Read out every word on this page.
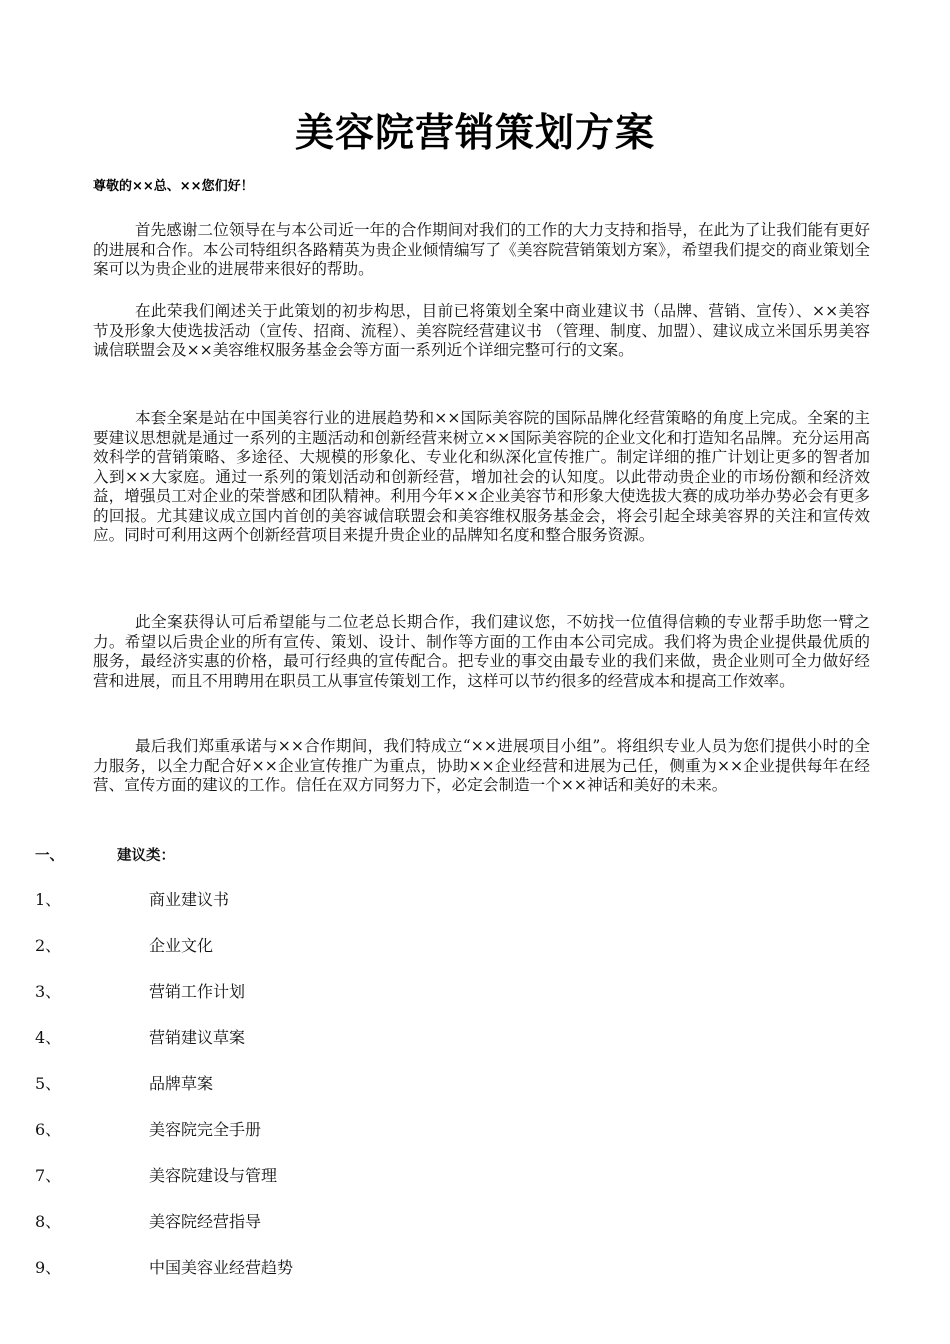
美容院营销策划方案
尊敬的××总、××您们好！

首先感谢二位领导在与本公司近一年的合作期间对我们的工作的大力支持和指导，在此为了让我们能有更好的进展和合作。本公司特组织各路精英为贵企业倾情编写了《美容院营销策划方案》，希望我们提交的商业策划全案可以为贵企业的进展带来很好的帮助。

在此荣我们阐述关于此策划的初步构思，目前已将策划全案中商业建议书（品牌、营销、宣传）、××美容节及形象大使选拔活动（宣传、招商、流程）、美容院经营建议书 （管理、制度、加盟）、建议成立米国乐男美容诚信联盟会及××美容维权服务基金会等方面一系列近个详细完整可行的文案。

本套全案是站在中国美容行业的进展趋势和××国际美容院的国际品牌化经营策略的角度上完成。全案的主要建议思想就是通过一系列的主题活动和创新经营来树立××国际美容院的企业文化和打造知名品牌。充分运用高效科学的营销策略、多途径、大规模的形象化、专业化和纵深化宣传推广。制定详细的推广计划让更多的智者加入到××大家庭。通过一系列的策划活动和创新经营，增加社会的认知度。以此带动贵企业的市场份额和经济效益，增强员工对企业的荣誉感和团队精神。利用今年××企业美容节和形象大使选拔大赛的成功举办势必会有更多的回报。尤其建议成立国内首创的美容诚信联盟会和美容维权服务基金会，将会引起全球美容界的关注和宣传效应。同时可利用这两个创新经营项目来提升贵企业的品牌知名度和整合服务资源。

此全案获得认可后希望能与二位老总长期合作，我们建议您，不妨找一位值得信赖的专业帮手助您一臂之力。希望以后贵企业的所有宣传、策划、设计、制作等方面的工作由本公司完成。我们将为贵企业提供最优质的服务，最经济实惠的价格，最可行经典的宣传配合。把专业的事交由最专业的我们来做，贵企业则可全力做好经营和进展，而且不用聘用在职员工从事宣传策划工作，这样可以节约很多的经营成本和提高工作效率。

最后我们郑重承诺与××合作期间，我们特成立“××进展项目小组”。将组织专业人员为您们提供小时的全力服务，以全力配合好××企业宣传推广为重点，协助××企业经营和进展为己任，侧重为××企业提供每年在经营、宣传方面的建议的工作。信任在双方同努力下，必定会制造一个××神话和美好的未来。

一、	建议类：
1、	商业建议书
2、	企业文化
3、	营销工作计划
4、	营销建议草案
5、	品牌草案
6、	美容院完全手册
7、	美容院建设与管理
8、	美容院经营指导
9、	中国美容业经营趋势
